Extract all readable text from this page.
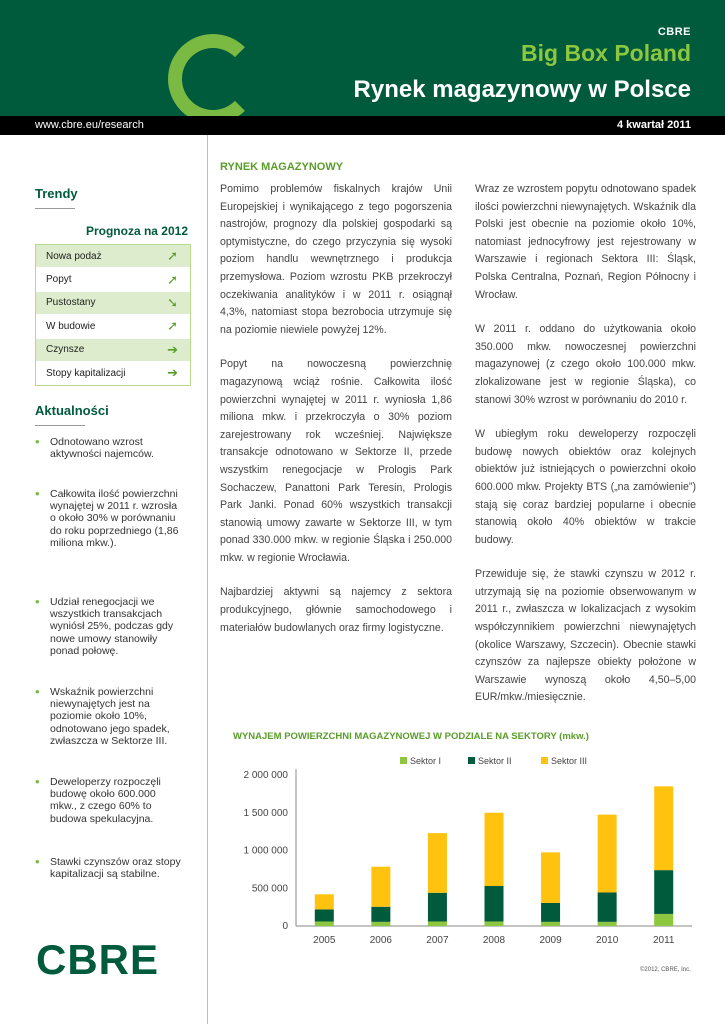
CBRE
Big Box Poland
Rynek magazynowy w Polsce
www.cbre.eu/research	4 kwartał 2011
Trendy
Prognoza na 2012
Nowa podaż	➚
Popyt	➚
Pustostany	➘
W budowie	➚
Czynsze	➔
Stopy kapitalizacji	➔
Aktualności
• Odnotowano wzrost aktywności najemców.
• Całkowita ilość powierzchni wynajętej w 2011 r. wzrosła o około 30% w porównaniu do roku poprzedniego (1,86 miliona mkw.).
• Udział renegocjacji we wszystkich transakcjach wyniósł 25%, podczas gdy nowe umowy stanowiły ponad połowę.
• Wskaźnik powierzchni niewynajętych jest na poziomie około 10%, odnotowano jego spadek, zwłaszcza w Sektorze III.
• Deweloperzy rozpoczęli budowę około 600.000 mkw., z czego 60% to budowa spekulacyjna.
• Stawki czynszów oraz stopy kapitalizacji są stabilne.
CBRE
RYNEK MAGAZYNOWY

Pomimo problemów fiskalnych krajów Unii Europejskiej i wynikającego z tego pogorszenia nastrojów, prognozy dla polskiej gospodarki są optymistyczne, do czego przyczynia się wysoki poziom handlu wewnętrznego i produkcja przemysłowa. Poziom wzrostu PKB przekroczył oczekiwania analityków i w 2011 r. osiągnął 4,3%, natomiast stopa bezrobocia utrzymuje się na poziomie niewiele powyżej 12%.

Popyt na nowoczesną powierzchnię magazynową wciąż rośnie. Całkowita ilość powierzchni wynajętej w 2011 r. wyniosła 1,86 miliona mkw. i przekroczyła o 30% poziom zarejestrowany rok wcześniej. Największe transakcje odnotowano w Sektorze II, przede wszystkim renegocjacje w Prologis Park Sochaczew, Panattoni Park Teresin, Prologis Park Janki. Ponad 60% wszystkich transakcji stanowią umowy zawarte w Sektorze III, w tym ponad 330.000 mkw. w regionie Śląska i 250.000 mkw. w regionie Wrocławia.

Najbardziej aktywni są najemcy z sektora produkcyjnego, głównie samochodowego i materiałów budowlanych oraz firmy logistyczne.

Wraz ze wzrostem popytu odnotowano spadek ilości powierzchni niewynajętych. Wskaźnik dla Polski jest obecnie na poziomie około 10%, natomiast jednocyfrowy jest rejestrowany w Warszawie i regionach Sektora III: Śląsk, Polska Centralna, Poznań, Region Północny i Wrocław.

W 2011 r. oddano do użytkowania około 350.000 mkw. nowoczesnej powierzchni magazynowej (z czego około 100.000 mkw. zlokalizowane jest w regionie Śląska), co stanowi 30% wzrost w porównaniu do 2010 r.

W ubiegłym roku deweloperzy rozpoczęli budowę nowych obiektów oraz kolejnych obiektów już istniejących o powierzchni około 600.000 mkw. Projekty BTS („na zamówienie”) stają się coraz bardziej popularne i obecnie stanowią około 40% obiektów w trakcie budowy.

Przewiduje się, że stawki czynszu w 2012 r. utrzymają się na poziomie obserwowanym w 2011 r., zwłaszcza w lokalizacjach z wysokim współczynnikiem powierzchni niewynajętych (okolice Warszawy, Szczecin). Obecnie stawki czynszów za najlepsze obiekty położone w Warszawie wynoszą około 4,50–5,00 EUR/mkw./miesięcznie.

WYNAJEM POWIERZCHNI MAGAZYNOWEJ W PODZIALE NA SEKTORY (mkw.)
0
500 000
1 000 000
1 500 000
2 000 000
2005	2006	2007	2008	2009	2010	2011
Sektor I	Sektor II	Sektor III
©2012, CBRE, Inc.
